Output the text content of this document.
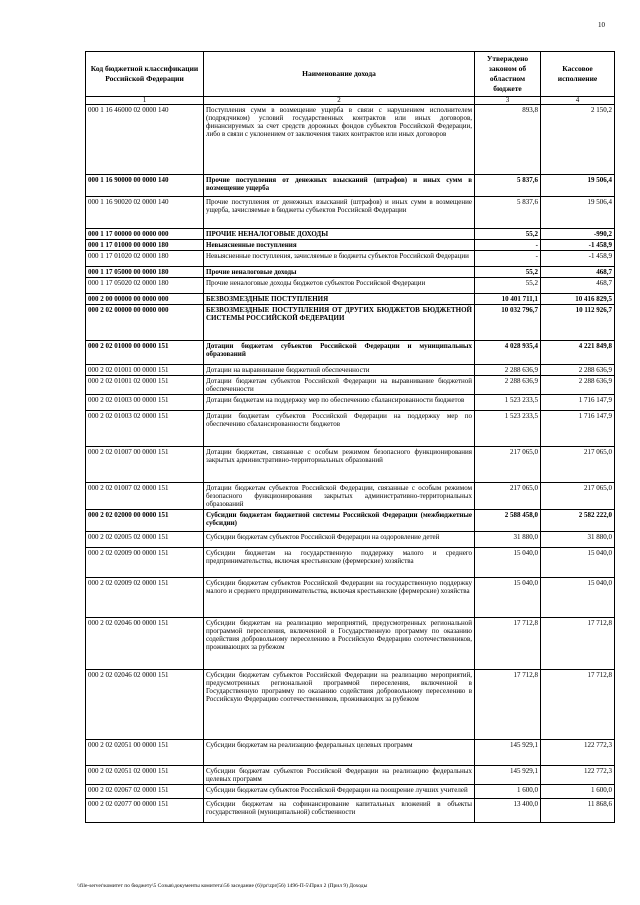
10
Код бюджетной классификации Российской Федерации	Наименование дохода	Утверждено законом об областном бюджете	Кассовое исполнение
1	2	3	4
000 1 16 46000 02 0000 140	Поступления сумм в возмещение ущерба в связи с нарушением исполнителем (подрядчиком) условий государственных контрактов или иных договоров, финансируемых за счет средств дорожных фондов субъектов Российской Федерации, либо в связи с уклонением от заключения таких контрактов или иных договоров	893,8	2 150,2
000 1 16 90000 00 0000 140	Прочие поступления от денежных взысканий (штрафов) и иных сумм в возмещение ущерба	5 837,6	19 506,4
000 1 16 90020 02 0000 140	Прочие поступления от денежных взысканий (штрафов) и иных сумм в возмещение ущерба, зачисляемые в бюджеты субъектов Российской Федерации	5 837,6	19 506,4
000 1 17 00000 00 0000 000	ПРОЧИЕ НЕНАЛОГОВЫЕ ДОХОДЫ	55,2	-990,2
000 1 17 01000 00 0000 180	Невыясненные поступления	-	-1 458,9
000 1 17 01020 02 0000 180	Невыясненные поступления, зачисляемые в бюджеты субъектов Российской Федерации	-	-1 458,9
000 1 17 05000 00 0000 180	Прочие неналоговые доходы	55,2	468,7
000 1 17 05020 02 0000 180	Прочие неналоговые доходы бюджетов субъектов Российской Федерации	55,2	468,7
000 2 00 00000 00 0000 000	БЕЗВОЗМЕЗДНЫЕ ПОСТУПЛЕНИЯ	10 401 711,1	10 416 829,5
000 2 02 00000 00 0000 000	БЕЗВОЗМЕЗДНЫЕ ПОСТУПЛЕНИЯ ОТ ДРУГИХ БЮДЖЕТОВ БЮДЖЕТНОЙ СИСТЕМЫ РОССИЙСКОЙ ФЕДЕРАЦИИ	10 032 796,7	10 112 926,7
000 2 02 01000 00 0000 151	Дотации бюджетам субъектов Российской Федерации и муниципальных образований	4 028 935,4	4 221 849,8
000 2 02 01001 00 0000 151	Дотации на выравнивание бюджетной обеспеченности	2 288 636,9	2 288 636,9
000 2 02 01001 02 0000 151	Дотации бюджетам субъектов Российской Федерации на выравнивание бюджетной обеспеченности	2 288 636,9	2 288 636,9
000 2 02 01003 00 0000 151	Дотации бюджетам на поддержку мер по обеспечению сбалансированности бюджетов	1 523 233,5	1 716 147,9
000 2 02 01003 02 0000 151	Дотации бюджетам субъектов Российской Федерации на поддержку мер по обеспечению сбалансированности бюджетов	1 523 233,5	1 716 147,9
000 2 02 01007 00 0000 151	Дотации бюджетам, связанные с особым режимом безопасного функционирования закрытых административно-территориальных образований	217 065,0	217 065,0
000 2 02 01007 02 0000 151	Дотации бюджетам субъектов Российской Федерации, связанные с особым режимом безопасного функционирования закрытых административно-территориальных образований	217 065,0	217 065,0
000 2 02 02000 00 0000 151	Субсидии бюджетам бюджетной системы Российской Федерации (межбюджетные субсидии)	2 588 458,0	2 582 222,0
000 2 02 02005 02 0000 151	Субсидии бюджетам субъектов Российской Федерации на оздоровление детей	31 880,0	31 880,0
000 2 02 02009 00 0000 151	Субсидии бюджетам на государственную поддержку малого и среднего предпринимательства, включая крестьянские (фермерские) хозяйства	15 040,0	15 040,0
000 2 02 02009 02 0000 151	Субсидии бюджетам субъектов Российской Федерации на государственную поддержку малого и среднего предпринимательства, включая крестьянские (фермерские) хозяйства	15 040,0	15 040,0
000 2 02 02046 00 0000 151	Субсидии бюджетам на реализацию мероприятий, предусмотренных региональной программой переселения, включенной в Государственную программу по оказанию содействия добровольному переселению в Российскую Федерацию соотечественников, проживающих за рубежом	17 712,8	17 712,8
000 2 02 02046 02 0000 151	Субсидии бюджетам субъектов Российской Федерации на реализацию мероприятий, предусмотренных региональной программой переселения, включенной в Государственную программу по оказанию содействия добровольному переселению в Российскую Федерацию соотечественников, проживающих за рубежом	17 712,8	17 712,8
000 2 02 02051 00 0000 151	Субсидии бюджетам на реализацию федеральных целевых программ	145 929,1	122 772,3
000 2 02 02051 02 0000 151	Субсидии бюджетам субъектов Российской Федерации на реализацию федеральных целевых программ	145 929,1	122 772,3
000 2 02 02067 02 0000 151	Субсидии бюджетам субъектов Российской Федерации на поощрение лучших учителей	1 600,0	1 600,0
000 2 02 02077 00 0000 151	Субсидии бюджетам на софинансирование капитальных вложений в объекты государственной (муниципальной) собственности	13 400,0	11 868,6
\\file-server\комитет по бюджету\5 Созыв\документы комитета\56 заседание (6)\pr\zpr(56) 1496-П-5\Прил 2 (Прил 9) Доходы
